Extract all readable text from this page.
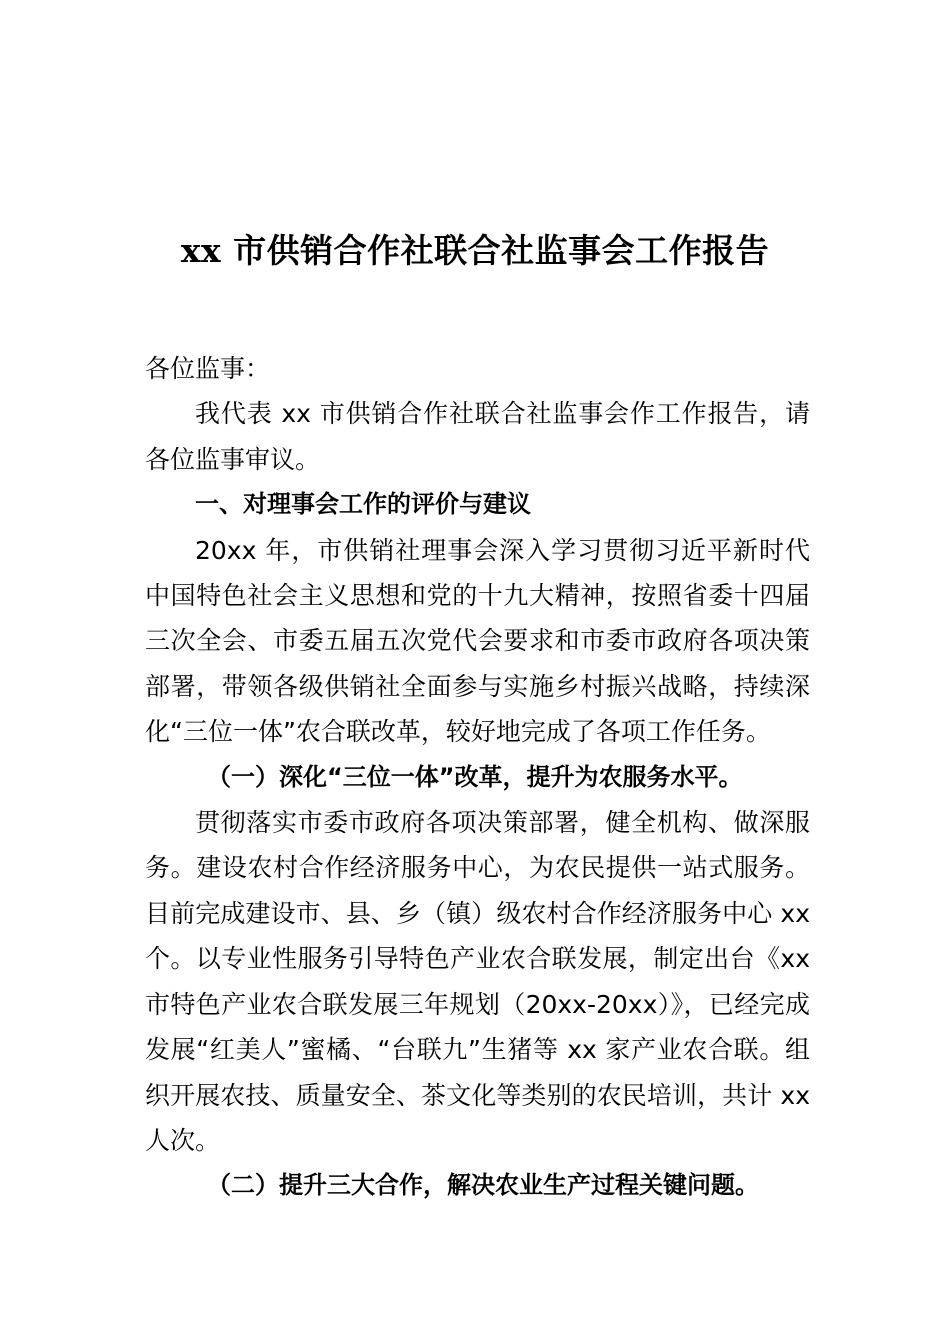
xx 市供销合作社联合社监事会工作报告

各位监事：

我代表 xx 市供销合作社联合社监事会作工作报告，请各位监事审议。

一、对理事会工作的评价与建议

20xx 年，市供销社理事会深入学习贯彻习近平新时代中国特色社会主义思想和党的十九大精神，按照省委十四届三次全会、市委五届五次党代会要求和市委市政府各项决策部署，带领各级供销社全面参与实施乡村振兴战略，持续深化“三位一体”农合联改革，较好地完成了各项工作任务。

（一）深化“三位一体”改革，提升为农服务水平。

贯彻落实市委市政府各项决策部署，健全机构、做深服务。建设农村合作经济服务中心，为农民提供一站式服务。 目前完成建设市、县、乡（镇）级农村合作经济服务中心 xx 个。以专业性服务引导特色产业农合联发展，制定出台《xx 市特色产业农合联发展三年规划（20xx-20xx）》，已经完成发展“红美人”蜜橘、“台联九”生猪等 xx 家产业农合联。组织开展农技、质量安全、茶文化等类别的农民培训，共计 xx 人次。

（二）提升三大合作，解决农业生产过程关键问题。
